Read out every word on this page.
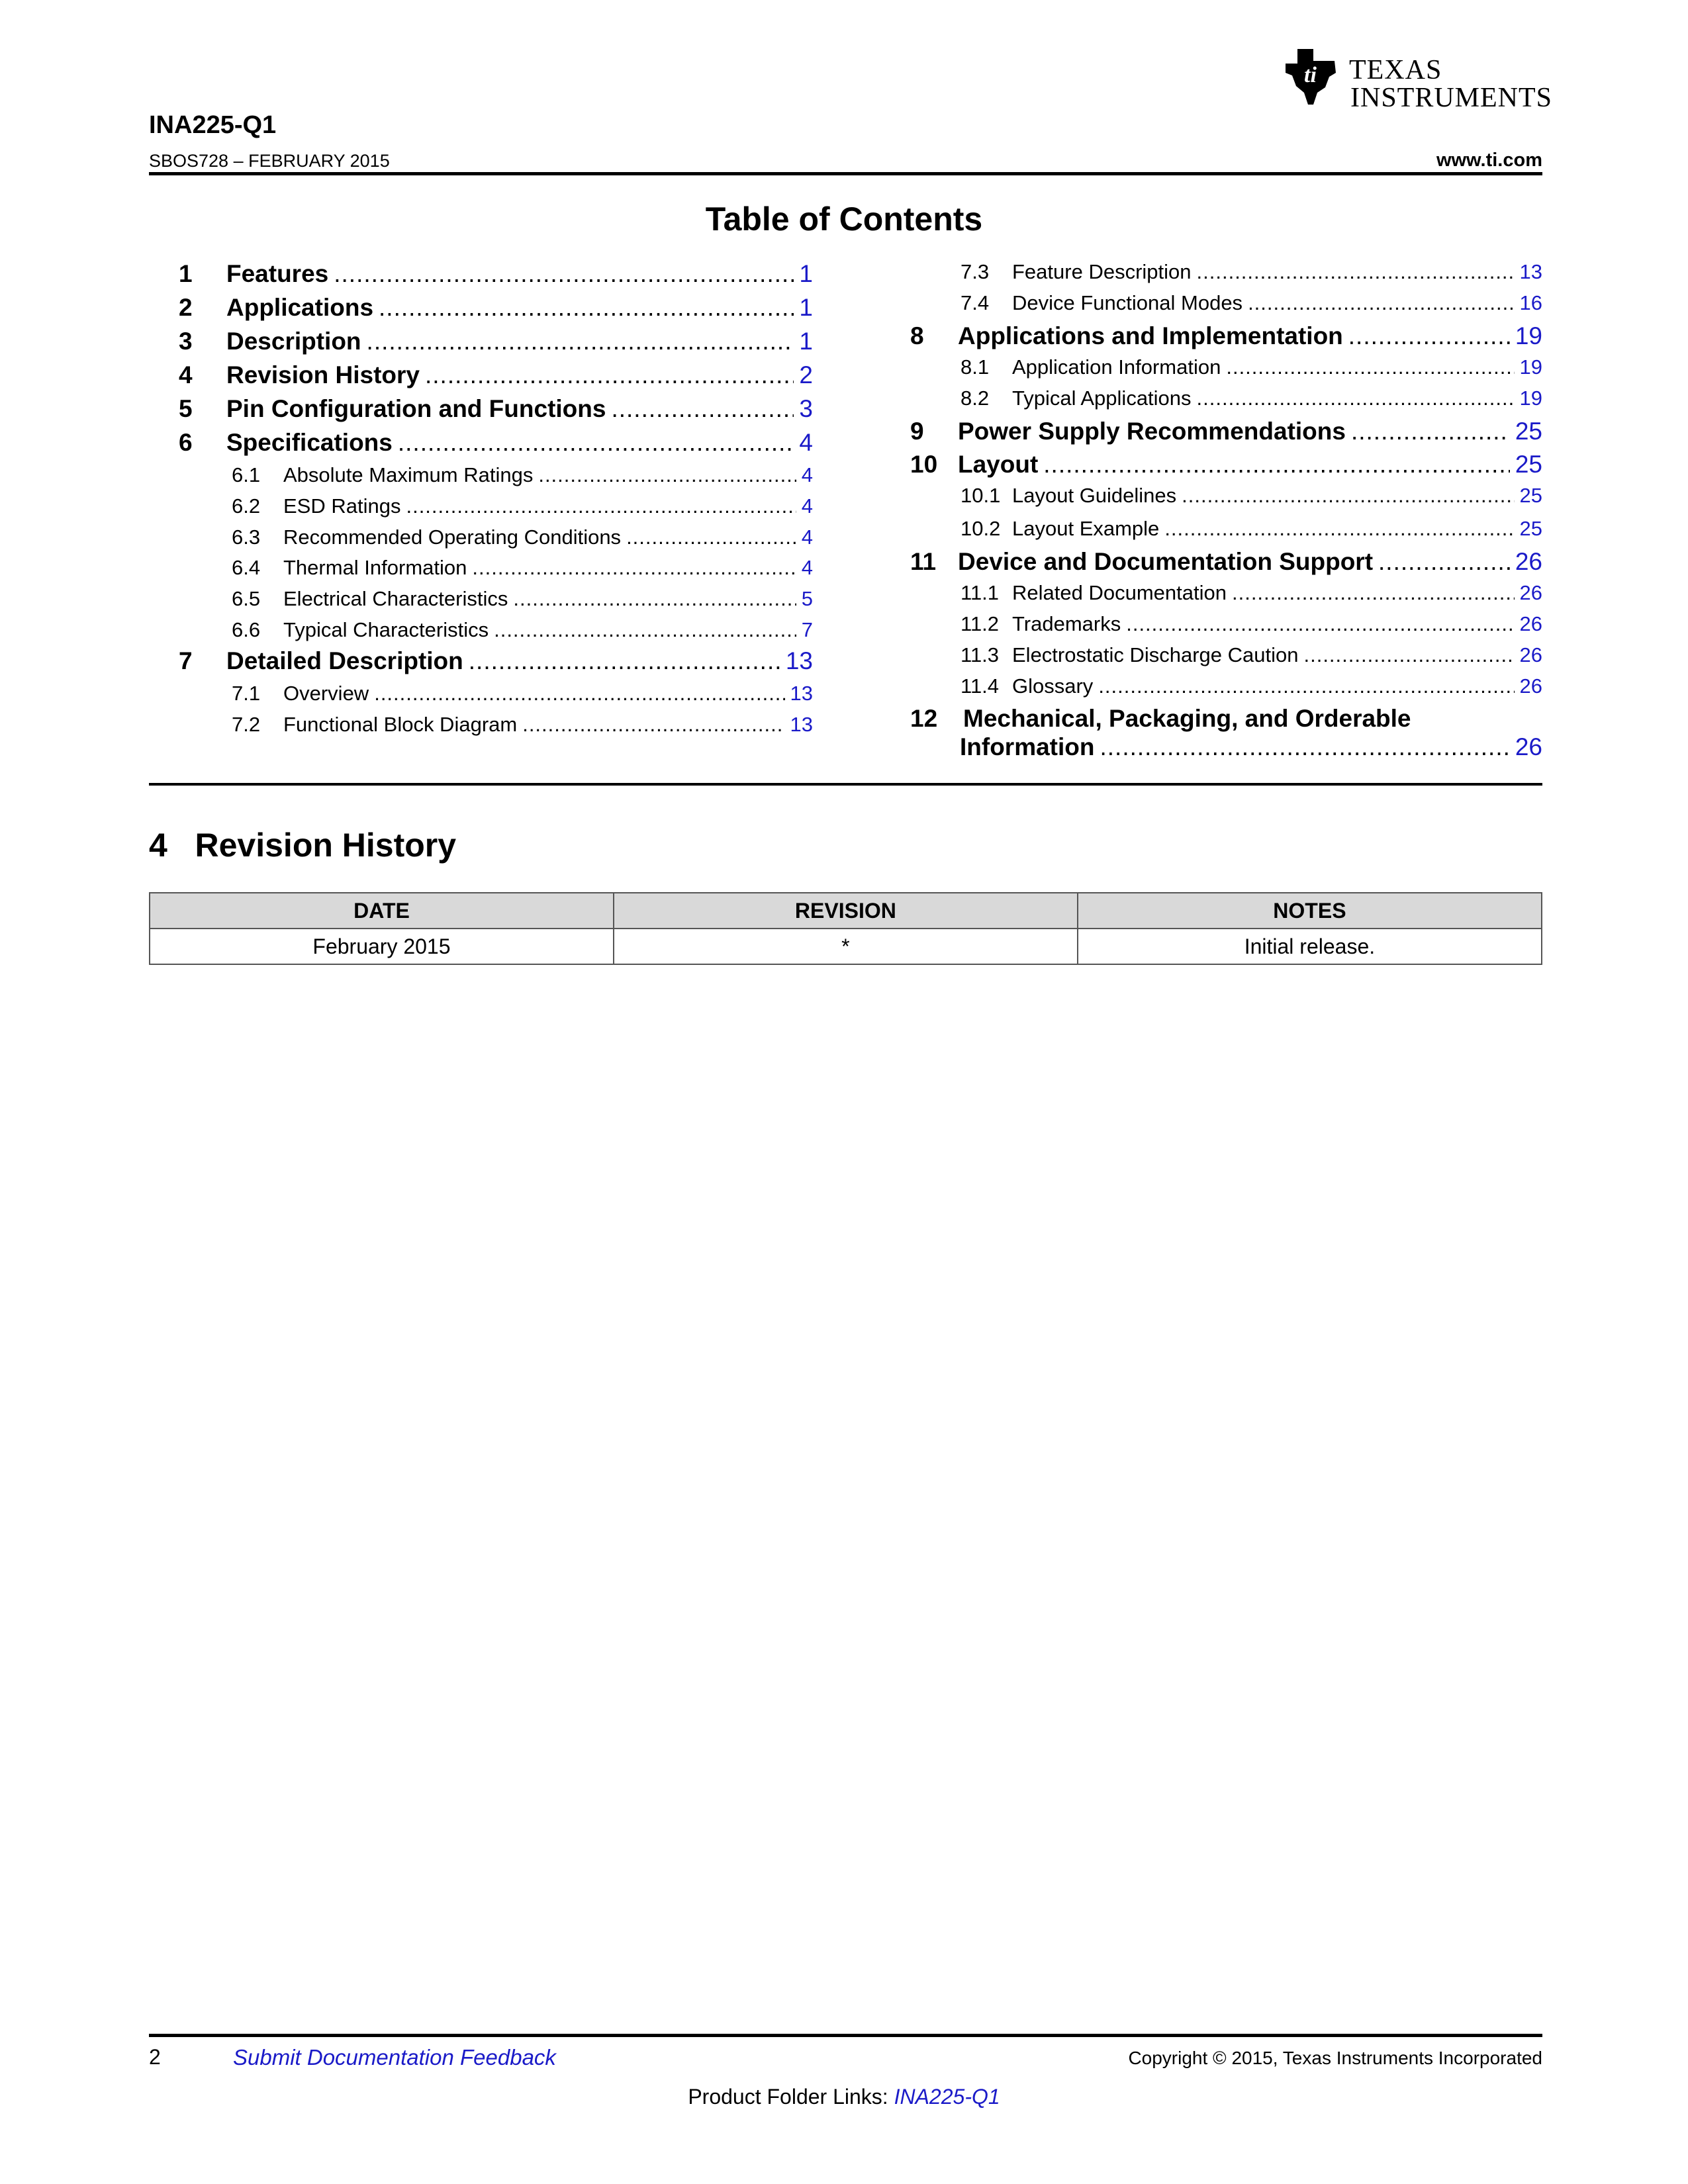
ti TEXAS
INSTRUMENTS
INA225-Q1
SBOS728 – FEBRUARY 2015	www.ti.com
Table of Contents
1	Features .....	1
2	Applications .....	1
3	Description .....	1
4	Revision History .....	2
5	Pin Configuration and Functions .....	3
6	Specifications .....	4
6.1	Absolute Maximum Ratings .....	4
6.2	ESD Ratings .....	4
6.3	Recommended Operating Conditions .....	4
6.4	Thermal Information .....	4
6.5	Electrical Characteristics .....	5
6.6	Typical Characteristics .....	7
7	Detailed Description .....	13
7.1	Overview .....	13
7.2	Functional Block Diagram .....	13
7.3	Feature Description .....	13
7.4	Device Functional Modes .....	16
8	Applications and Implementation .....	19
8.1	Application Information .....	19
8.2	Typical Applications .....	19
9	Power Supply Recommendations .....	25
10 Layout .....	25
10.1 Layout Guidelines .....	25
10.2 Layout Example .....	25
11 Device and Documentation Support .....	26
11.1 Related Documentation .....	26
11.2 Trademarks .....	26
11.3 Electrostatic Discharge Caution .....	26
11.4 Glossary .....	26
12 Mechanical, Packaging, and Orderable
Information .....	26
4 Revision History
DATE	REVISION	NOTES
February 2015	*	Initial release.
2	Submit Documentation Feedback	Copyright © 2015, Texas Instruments Incorporated
Product Folder Links: INA225-Q1
